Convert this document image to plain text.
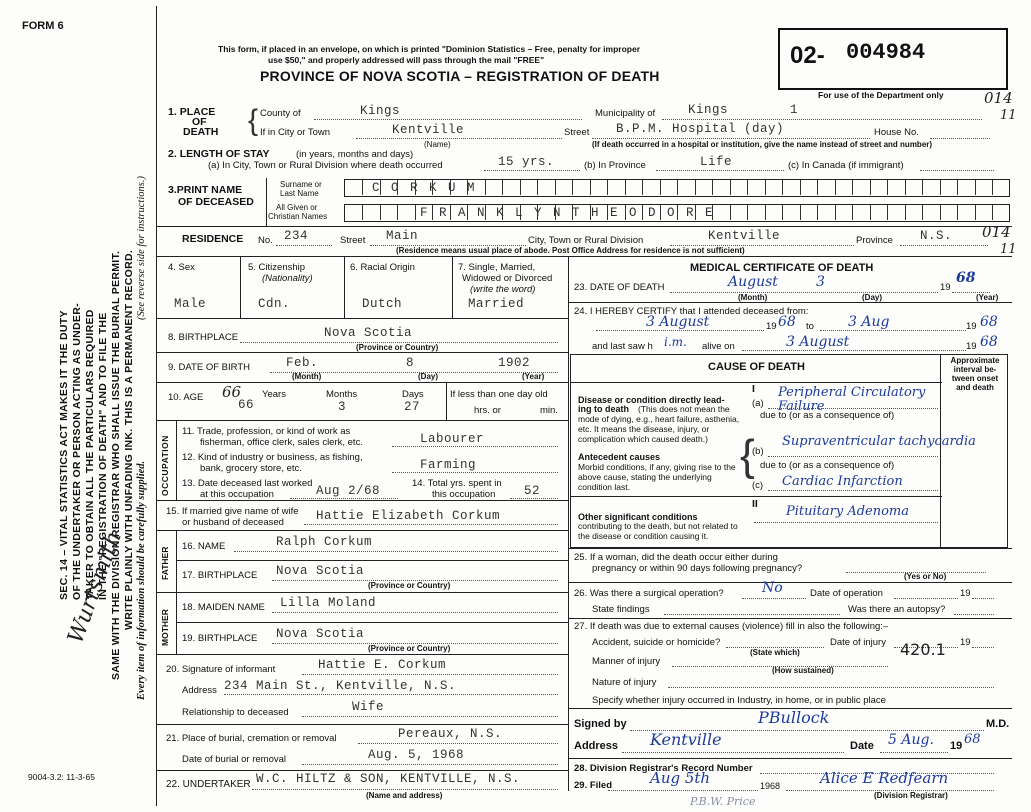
FORM 6
9004-3.2: 11-3-65
SEC. 14 – VITAL STATISTICS ACT MAKES IT THE DUTY OF THE UNDERTAKER OR PERSON ACTING AS UNDER- TAKER TO OBTAIN ALL THE PARTICULARS REQUIRED IN THE "REGISTRATION OF DEATH" AND TO FILE THE SAME WITH THE DIVISION REGISTRAR WHO SHALL ISSUE THE BURIAL PERMIT. WRITE PLAINLY WITH UNFADING INK. THIS IS A PERMANENT RECORD.
(See reverse side for instructions.)
Every item of information should be carefully supplied.
Wurtsmith
This form, if placed in an envelope, on which is printed "Dominion Statistics – Free, penalty for improper
use $50," and properly addressed will pass through the mail "FREE"
PROVINCE OF NOVA SCOTIA – REGISTRATION OF DEATH
02- 004984
For use of the Department only	014
11
1. PLACE
OF
DEATH { County of	Kings	Municipality of	Kings	1
If in City or Town	Kentville
(Name)
Street B.P.M. Hospital (day)	House No.
(If death occurred in a hospital or institution, give the name instead of street and number)
2. LENGTH OF STAY	(in years, months and days)
(a) In City, Town or Rural Division where death occurred	15 yrs.	(b) In Province	Life	(c) In Canada (if immigrant)
3.PRINT NAME
OF DECEASED
Surname or
Last Name
All Given or
Christian Names
C O R K U M
F R A N K L Y N T H E O D O R E
RESIDENCE No. 234	Street Main	City, Town or Rural Division	Kentville	Province N.S. 014
11
(Residence means usual place of abode. Post Office Address for residence is not sufficient)
4. Sex
Male
5. Citizenship
(Nationality)
Cdn.
6. Racial Origin
Dutch
7. Single, Married,
Widowed or Divorced
(write the word)
Married
8. BIRTHPLACE	Nova Scotia
(Province or Country)
9. DATE OF BIRTH	Feb.	8	1902
(Month)	(Day)	(Year)
10. AGE 66 Years
66
Months
3
Days
27
If less than one day old
hrs. or	min.
OCCUPATION
11. Trade, profession, or kind of work as
fisherman, office clerk, sales clerk, etc.	Labourer
12. Kind of industry or business, as fishing,
bank, grocery store, etc.	Farming
13. Date deceased last worked
at this occupation	Aug 2/68
14. Total yrs. spent in
this occupation 52
15. If married give name of wife
or husband of deceased	Hattie Elizabeth Corkum
FATHER
16. NAME	Ralph Corkum
17. BIRTHPLACE Nova Scotia
(Province or Country)
MOTHER
18. MAIDEN NAME Lilla Moland
19. BIRTHPLACE Nova Scotia
(Province or Country)
20. Signature of informant	Hattie E. Corkum
Address 234 Main St., Kentville, N.S.
Relationship to deceased	Wife
21. Place of burial, cremation or removal	Pereaux, N.S.
Date of burial or removal	Aug. 5, 1968
22. UNDERTAKER W.C. HILTZ & SON, KENTVILLE, N.S.
(Name and address)
MEDICAL CERTIFICATE OF DEATH
23. DATE OF DEATH	August	3	19
68
(Month)	(Day)	(Year)
24. I HEREBY CERTIFY that I attended deceased from:
3 August	19 68 to 3 Aug	19 68
and last saw h i.m. alive on	3 August	19 68
CAUSE OF DEATH
Approximate interval be- tween onset and death
I
Disease or condition directly lead-
ing to death	(This does not mean the mode of dying, e.g., heart failure, asthenia, etc. It means the disease, injury, or complication which caused death.)
(a)
Peripheral Circulatory Failure
due to (or as a consequence of)
Antecedent causes
Morbid conditions, if any, giving rise to the above cause, stating the underlying condition last.
{
(b)
Supraventricular tachycardia
due to (or as a consequence of)
(c) Cardiac Infarction
II
Other significant conditions
contributing to the death, but not related to the disease or condition causing it.
Pituitary Adenoma
25. If a woman, did the death occur either during
pregnancy or within 90 days following pregnancy?
(Yes or No)
26. Was there a surgical operation?	No	Date of operation	19
State findings	Was there an autopsy?
27. If death was due to external causes (violence) fill in also the following:–
Accident, suicide or homicide?	Date of injury	19
(State which)	420.1
Manner of injury
(How sustained)
Nature of injury
Specify whether injury occurred in Industry, in home, or in public place
Signed by	PBullock	M.D.
Address Kentville	Date 5 Aug. 19 68
28. Division Registrar's Record Number
29. Filed	Aug 5th	1968	Alice E Redfearn
(Division Registrar)
P.B.W. Price
